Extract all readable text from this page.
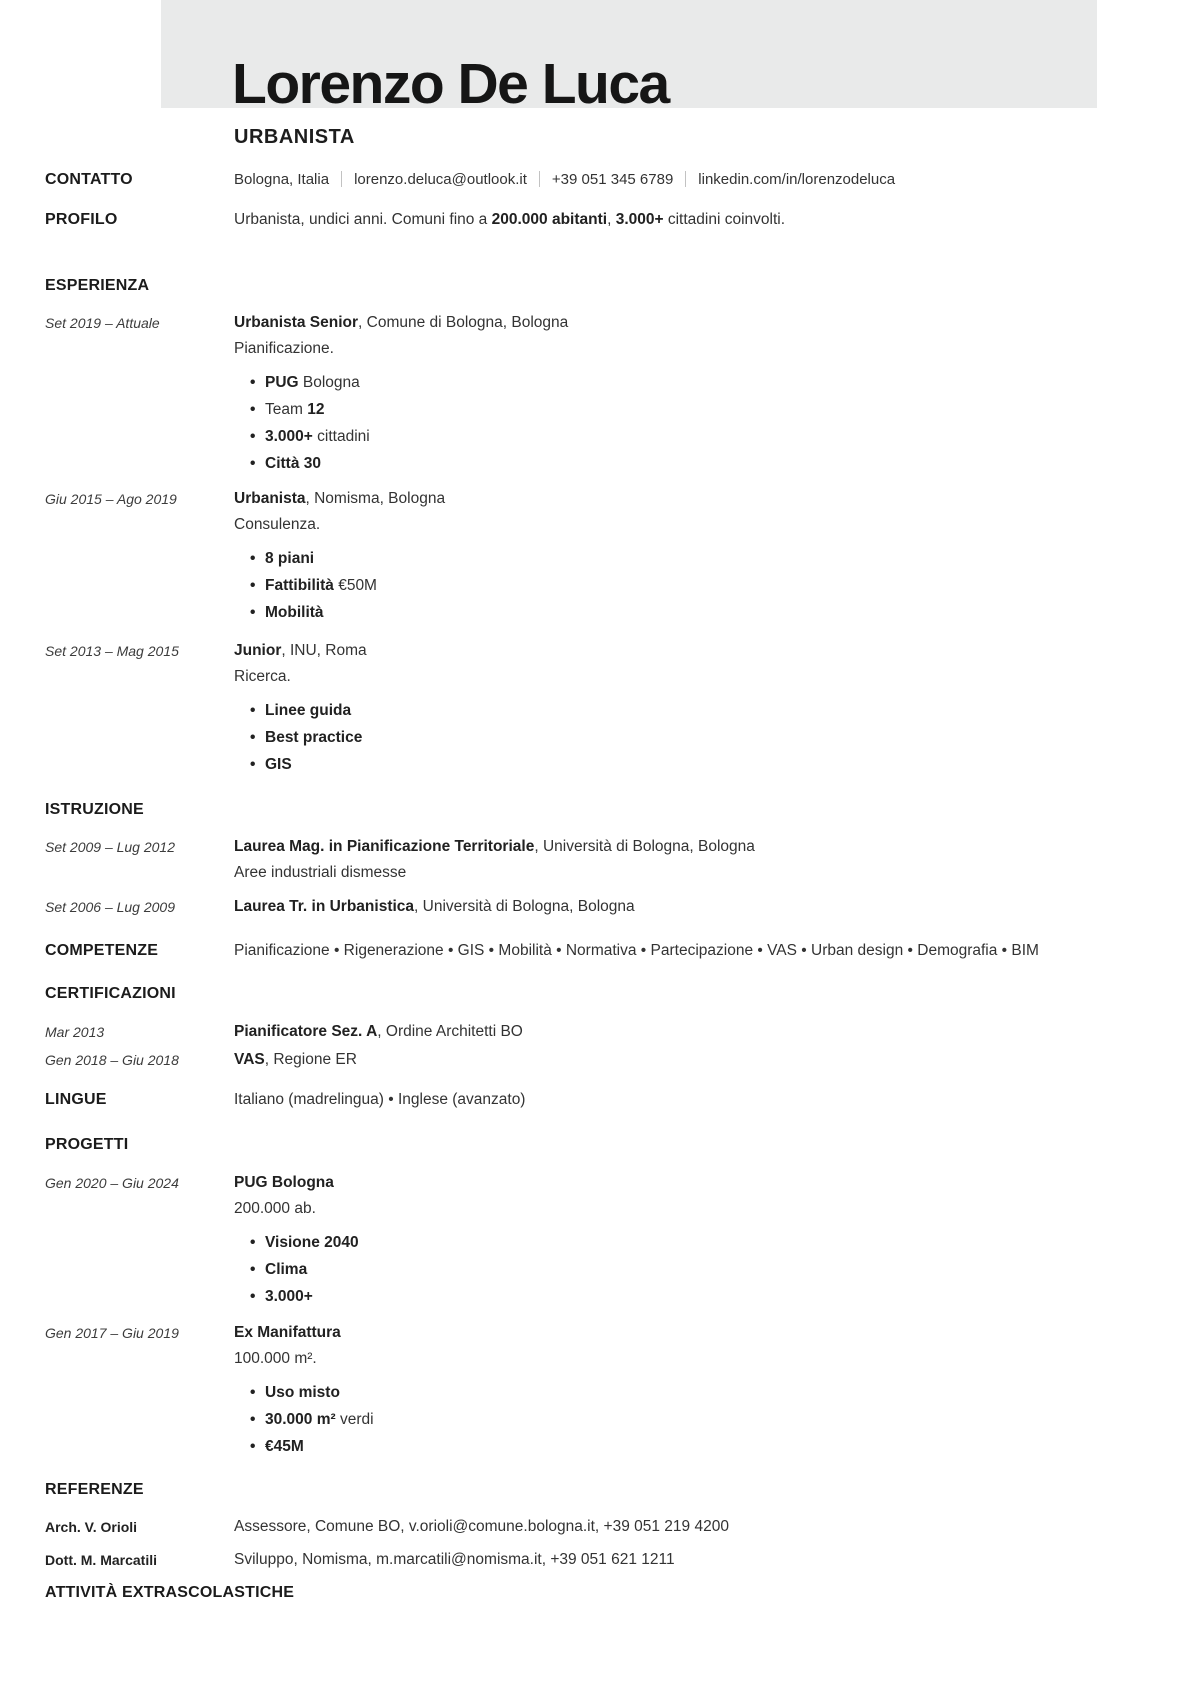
Lorenzo De Luca
URBANISTA
CONTATTO	Bologna, Italia lorenzo.deluca@outlook.it +39 051 345 6789 linkedin.com/in/lorenzodeluca
PROFILO	Urbanista, undici anni. Comuni fino a 200.000 abitanti, 3.000+ cittadini coinvolti.
ESPERIENZA
Set 2019 – Attuale	Urbanista Senior, Comune di Bologna, Bologna
Pianificazione.
• PUG Bologna
• Team 12
• 3.000+ cittadini
• Città 30
Giu 2015 – Ago 2019	Urbanista, Nomisma, Bologna
Consulenza.
• 8 piani
• Fattibilità €50M
• Mobilità
Set 2013 – Mag 2015	Junior, INU, Roma
Ricerca.
• Linee guida
• Best practice
• GIS
ISTRUZIONE
Set 2009 – Lug 2012	Laurea Mag. in Pianificazione Territoriale, Università di Bologna, Bologna
Aree industriali dismesse
Set 2006 – Lug 2009	Laurea Tr. in Urbanistica, Università di Bologna, Bologna
COMPETENZE	Pianificazione • Rigenerazione • GIS • Mobilità • Normativa • Partecipazione • VAS • Urban design • Demografia • BIM
CERTIFICAZIONI
Mar 2013	Pianificatore Sez. A, Ordine Architetti BO
Gen 2018 – Giu 2018	VAS, Regione ER
LINGUE	Italiano (madrelingua) • Inglese (avanzato)
PROGETTI
Gen 2020 – Giu 2024	PUG Bologna
200.000 ab.
• Visione 2040
• Clima
• 3.000+
Gen 2017 – Giu 2019	Ex Manifattura
100.000 m².
• Uso misto
• 30.000 m² verdi
• €45M
REFERENZE
Arch. V. Orioli	Assessore, Comune BO, v.orioli@comune.bologna.it, +39 051 219 4200
Dott. M. Marcatili	Sviluppo, Nomisma, m.marcatili@nomisma.it, +39 051 621 1211
ATTIVITÀ EXTRASCOLASTICHE
